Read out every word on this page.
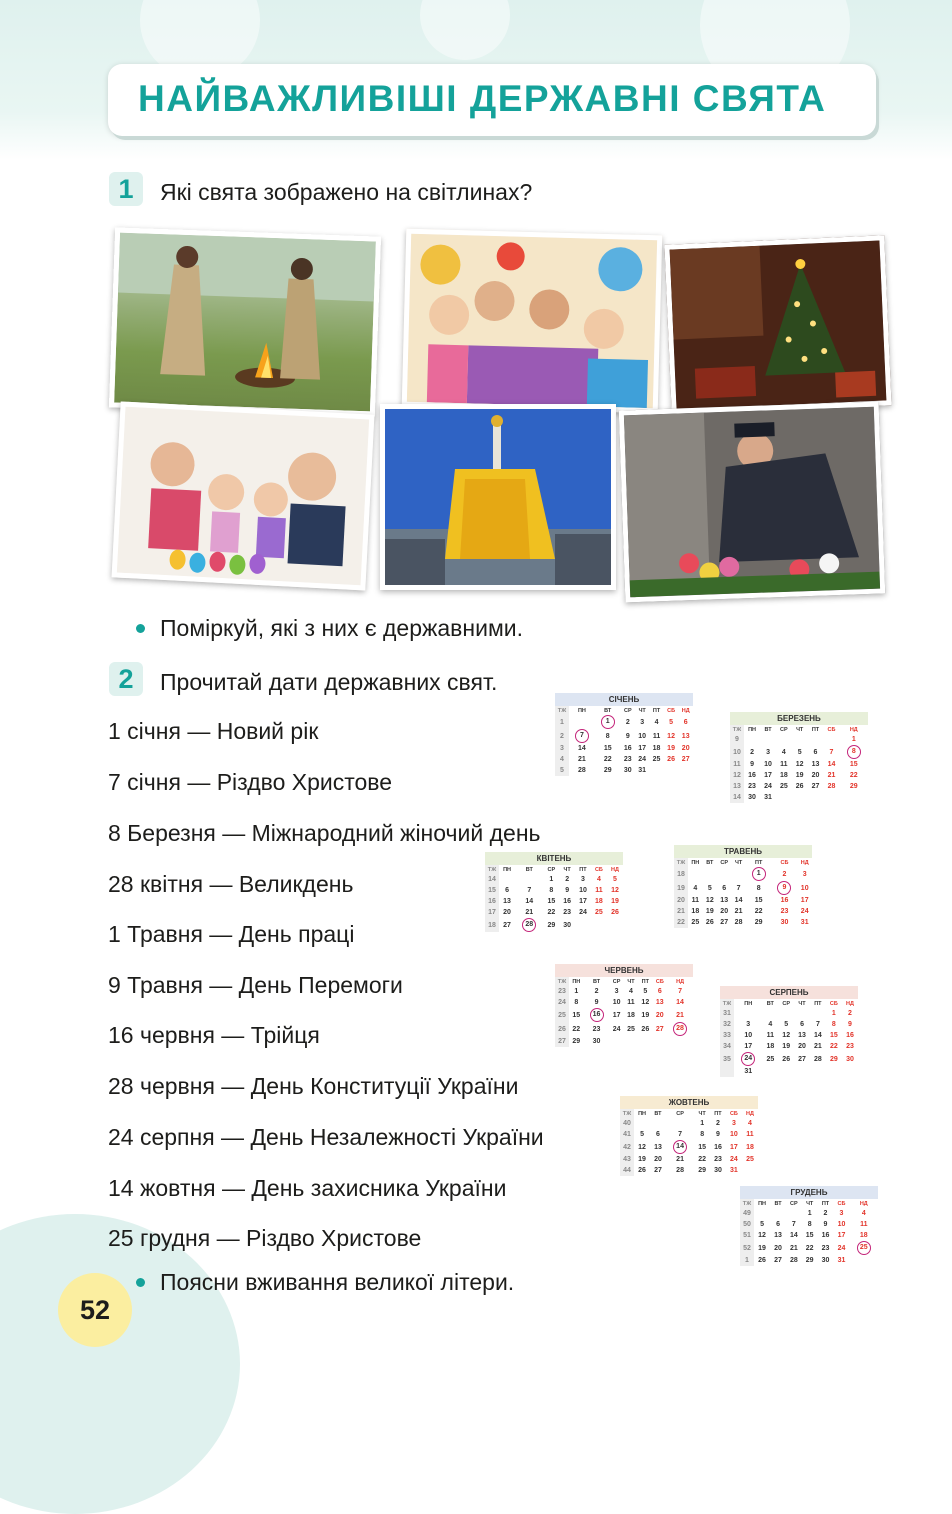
НАЙВАЖЛИВІШІ ДЕРЖАВНІ СВЯТА
1	Які свята зображено на світлинах?
Поміркуй, які з них є державними.
2	Прочитай дати державних свят.
1 січня — Новий рік
7 січня — Різдво Христове
8 Березня — Міжнародний жіночий день
28 квітня — Великдень
1 Травня — День праці
9 Травня — День Перемоги
16 червня — Трійця
28 червня — День Конституції України
24 серпня — День Незалежності України
14 жовтня — День захисника України
25 грудня — Різдво Христове
Поясни вживання великої літери.
52
СІЧЕНЬ
ТЖ	ПН	ВТ	СР	ЧТ	ПТ	СБ	НД
1		1	2	3	4	5	6
2	7	8	9	10	11	12	13
3	14	15	16	17	18	19	20
4	21	22	23	24	25	26	27
5	28	29	30	31			
БЕРЕЗЕНЬ
ТЖ	ПН	ВТ	СР	ЧТ	ПТ	СБ	НД
9							1
10	2	3	4	5	6	7	8
11	9	10	11	12	13	14	15
12	16	17	18	19	20	21	22
13	23	24	25	26	27	28	29
14	30	31					
КВІТЕНЬ
ТЖ	ПН	ВТ	СР	ЧТ	ПТ	СБ	НД
14			1	2	3	4	5
15	6	7	8	9	10	11	12
16	13	14	15	16	17	18	19
17	20	21	22	23	24	25	26
18	27	28	29	30			
ТРАВЕНЬ
ТЖ	ПН	ВТ	СР	ЧТ	ПТ	СБ	НД
18					1	2	3
19	4	5	6	7	8	9	10
20	11	12	13	14	15	16	17
21	18	19	20	21	22	23	24
22	25	26	27	28	29	30	31
ЧЕРВЕНЬ
ТЖ	ПН	ВТ	СР	ЧТ	ПТ	СБ	НД
23	1	2	3	4	5	6	7
24	8	9	10	11	12	13	14
25	15	16	17	18	19	20	21
26	22	23	24	25	26	27	28
27	29	30					
СЕРПЕНЬ
ТЖ	ПН	ВТ	СР	ЧТ	ПТ	СБ	НД
31						1	2
32	3	4	5	6	7	8	9
33	10	11	12	13	14	15	16
34	17	18	19	20	21	22	23
35	24	25	26	27	28	29	30
	31						
ЖОВТЕНЬ
ТЖ	ПН	ВТ	СР	ЧТ	ПТ	СБ	НД
40				1	2	3	4
41	5	6	7	8	9	10	11
42	12	13	14	15	16	17	18
43	19	20	21	22	23	24	25
44	26	27	28	29	30	31	
ГРУДЕНЬ
ТЖ	ПН	ВТ	СР	ЧТ	ПТ	СБ	НД
49				1	2	3	4
50	5	6	7	8	9	10	11
51	12	13	14	15	16	17	18
52	19	20	21	22	23	24	25
1	26	27	28	29	30	31	
